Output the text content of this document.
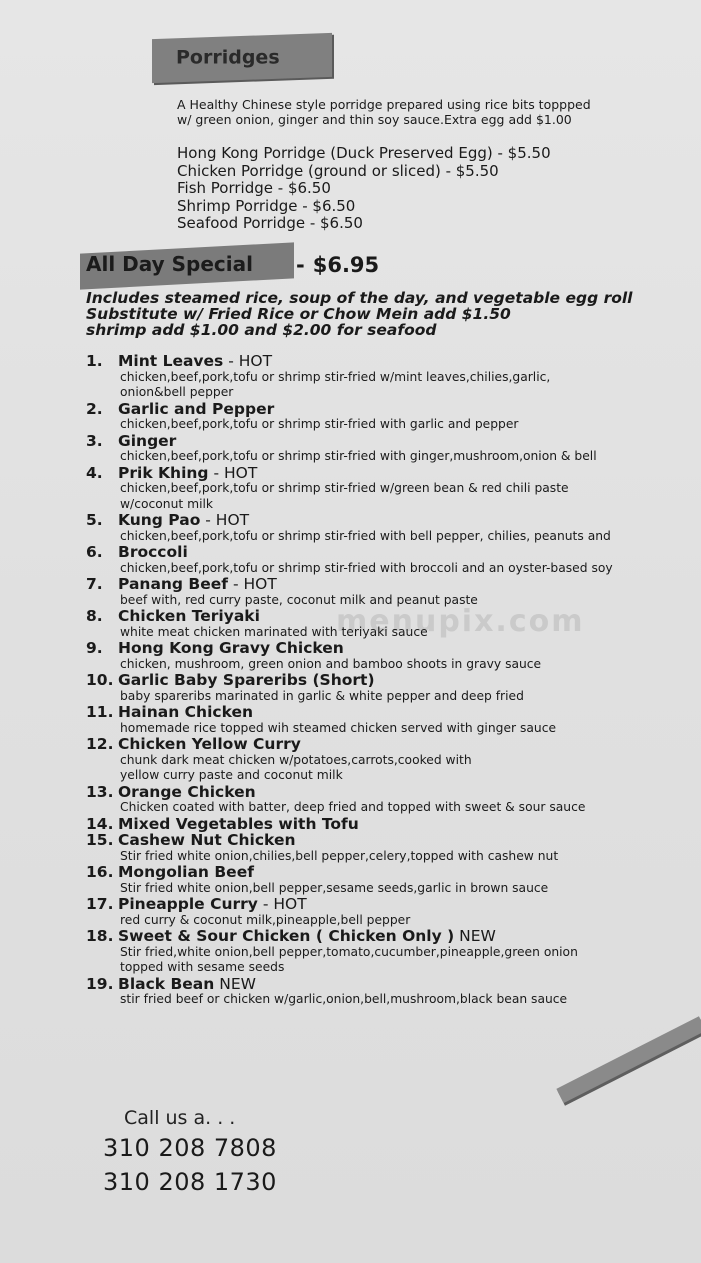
Porridges
A Healthy Chinese style porridge prepared using rice bits toppped
w/ green onion, ginger and thin soy sauce.Extra egg add $1.00
Hong Kong Porridge (Duck Preserved Egg) - $5.50
Chicken Porridge (ground or sliced) - $5.50
Fish Porridge - $6.50
Shrimp Porridge - $6.50
Seafood Porridge - $6.50
All Day Special - $6.95
Includes steamed rice, soup of the day, and vegetable egg roll
Substitute w/ Fried Rice or Chow Mein add $1.50
shrimp add $1.00 and $2.00 for seafood
menupix.com
1. Mint Leaves - HOT
chicken,beef,pork,tofu or shrimp stir-fried w/mint leaves,chilies,garlic,
onion&bell pepper
2. Garlic and Pepper
chicken,beef,pork,tofu or shrimp stir-fried with garlic and pepper
3. Ginger
chicken,beef,pork,tofu or shrimp stir-fried with ginger,mushroom,onion & bell
4. Prik Khing - HOT
chicken,beef,pork,tofu or shrimp stir-fried w/green bean & red chili paste
w/coconut milk
5. Kung Pao - HOT
chicken,beef,pork,tofu or shrimp stir-fried with bell pepper, chilies, peanuts and
6. Broccoli
chicken,beef,pork,tofu or shrimp stir-fried with broccoli and an oyster-based soy
7. Panang Beef - HOT
beef with, red curry paste, coconut milk and peanut paste
8. Chicken Teriyaki
white meat chicken marinated with teriyaki sauce
9. Hong Kong Gravy Chicken
chicken, mushroom, green onion and bamboo shoots in gravy sauce
10. Garlic Baby Spareribs (Short)
baby spareribs marinated in garlic & white pepper and deep fried
11. Hainan Chicken
homemade rice topped wih steamed chicken served with ginger sauce
12. Chicken Yellow Curry
chunk dark meat chicken w/potatoes,carrots,cooked with
yellow curry paste and coconut milk
13. Orange Chicken
Chicken coated with batter, deep fried and topped with sweet & sour sauce
14. Mixed Vegetables with Tofu
15. Cashew Nut Chicken
Stir fried white onion,chilies,bell pepper,celery,topped with cashew nut
16. Mongolian Beef
Stir fried white onion,bell pepper,sesame seeds,garlic in brown sauce
17. Pineapple Curry - HOT
red curry & coconut milk,pineapple,bell pepper
18. Sweet & Sour Chicken ( Chicken Only ) NEW
Stir fried,white onion,bell pepper,tomato,cucumber,pineapple,green onion
topped with sesame seeds
19. Black Bean NEW
stir fried beef or chicken w/garlic,onion,bell,mushroom,black bean sauce
Call us a. . .
310 208 7808
310 208 1730
